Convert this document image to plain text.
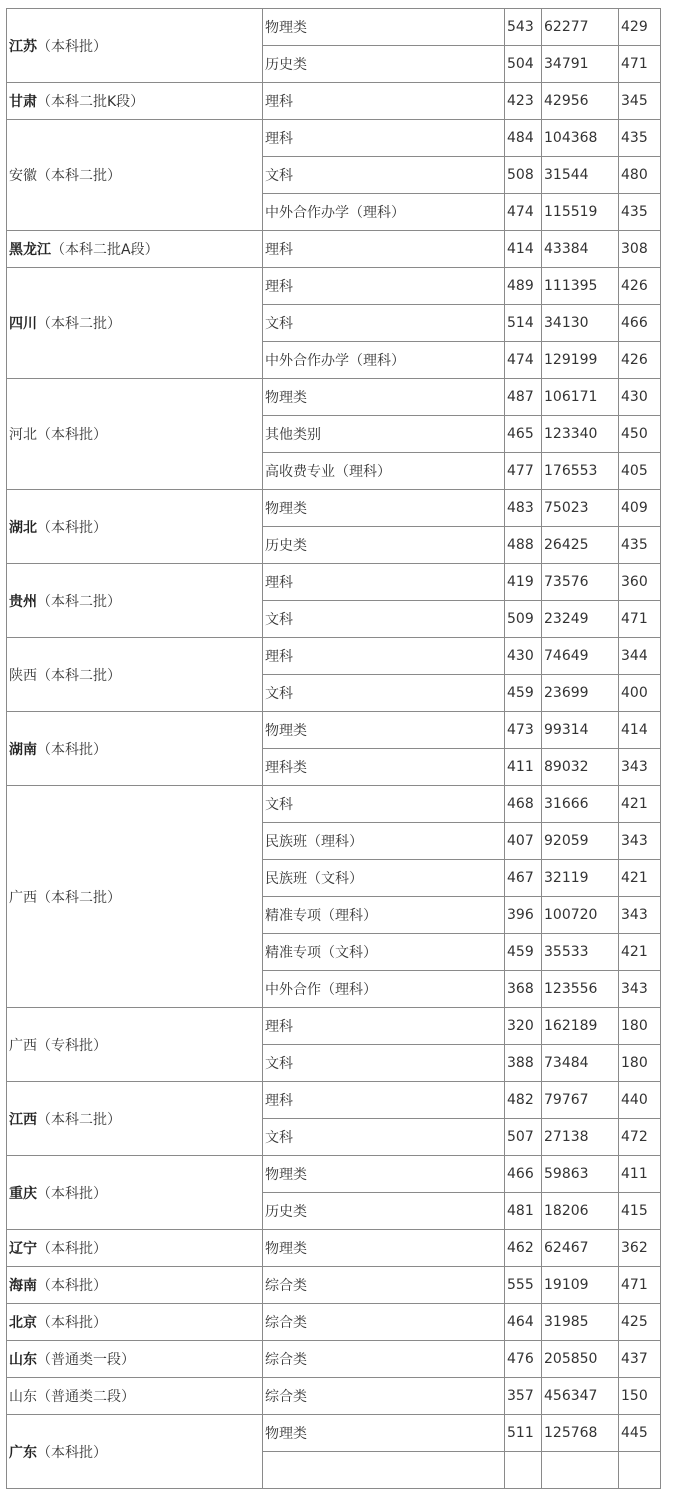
江苏（本科批）	物理类	543	62277	429
	历史类	504	34791	471
甘肃（本科二批K段）	理科	423	42956	345
安徽（本科二批）	理科	484	104368	435
	文科	508	31544	480
	中外合作办学（理科）	474	115519	435
黑龙江（本科二批A段）	理科	414	43384	308
四川（本科二批）	理科	489	111395	426
	文科	514	34130	466
	中外合作办学（理科）	474	129199	426
河北（本科批）	物理类	487	106171	430
	其他类别	465	123340	450
	高收费专业（理科）	477	176553	405
湖北（本科批）	物理类	483	75023	409
	历史类	488	26425	435
贵州（本科二批）	理科	419	73576	360
	文科	509	23249	471
陕西（本科二批）	理科	430	74649	344
	文科	459	23699	400
湖南（本科批）	物理类	473	99314	414
	理科类	411	89032	343
广西（本科二批）	文科	468	31666	421
	民族班（理科）	407	92059	343
	民族班（文科）	467	32119	421
	精准专项（理科）	396	100720	343
	精准专项（文科）	459	35533	421
	中外合作（理科）	368	123556	343
广西（专科批）	理科	320	162189	180
	文科	388	73484	180
江西（本科二批）	理科	482	79767	440
	文科	507	27138	472
重庆（本科批）	物理类	466	59863	411
	历史类	481	18206	415
辽宁（本科批）	物理类	462	62467	362
海南（本科批）	综合类	555	19109	471
北京（本科批）	综合类	464	31985	425
山东（普通类一段）	综合类	476	205850	437
山东（普通类二段）	综合类	357	456347	150
广东（本科批）	物理类	511	125768	445
